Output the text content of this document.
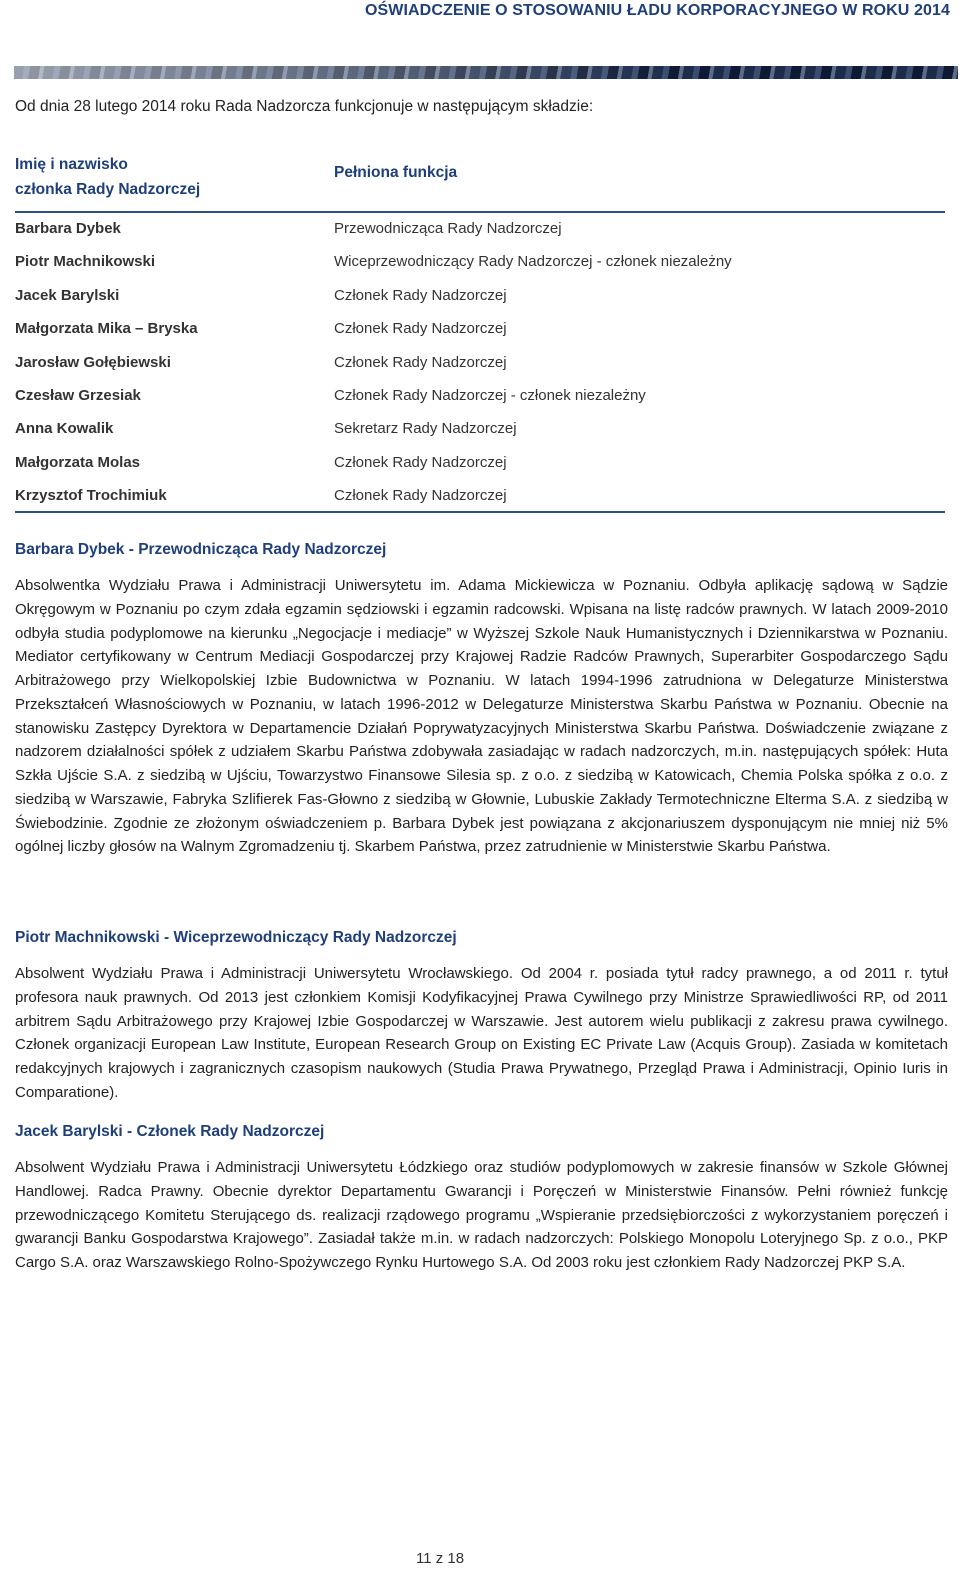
OŚWIADCZENIE O STOSOWANIU ŁADU KORPORACYJNEGO W ROKU 2014
Od dnia 28 lutego 2014 roku Rada Nadzorcza funkcjonuje w następującym składzie:
Imię i nazwisko
członka Rady Nadzorczej
Pełniona funkcja
Barbara Dybek	Przewodnicząca Rady Nadzorczej
Piotr Machnikowski	Wiceprzewodniczący Rady Nadzorczej - członek niezależny
Jacek Barylski	Członek Rady Nadzorczej
Małgorzata Mika – Bryska	Członek Rady Nadzorczej
Jarosław Gołębiewski	Członek Rady Nadzorczej
Czesław Grzesiak	Członek Rady Nadzorczej - członek niezależny
Anna Kowalik	Sekretarz Rady Nadzorczej
Małgorzata Molas	Członek Rady Nadzorczej
Krzysztof Trochimiuk	Członek Rady Nadzorczej
Barbara Dybek - Przewodnicząca Rady Nadzorczej

Absolwentka Wydziału Prawa i Administracji Uniwersytetu im. Adama Mickiewicza w Poznaniu. Odbyła aplikację sądową w Sądzie Okręgowym w Poznaniu po czym zdała egzamin sędziowski i egzamin radcowski. Wpisana na listę radców prawnych. W latach 2009-2010 odbyła studia podyplomowe na kierunku „Negocjacje i mediacje” w Wyższej Szkole Nauk Humanistycznych i Dziennikarstwa w Poznaniu. Mediator certyfikowany w Centrum Mediacji Gospodarczej przy Krajowej Radzie Radców Prawnych, Superarbiter Gospodarczego Sądu Arbitrażowego przy Wielkopolskiej Izbie Budownictwa w Poznaniu. W latach 1994-1996 zatrudniona w Delegaturze Ministerstwa Przekształceń Własnościowych w Poznaniu, w latach 1996-2012 w Delegaturze Ministerstwa Skarbu Państwa w Poznaniu. Obecnie na stanowisku Zastępcy Dyrektora w Departamencie Działań Poprywatyzacyjnych Ministerstwa Skarbu Państwa. Doświadczenie związane z nadzorem działalności spółek z udziałem Skarbu Państwa zdobywała zasiadając w radach nadzorczych, m.in. następujących spółek: Huta Szkła Ujście S.A. z siedzibą w Ujściu, Towarzystwo Finansowe Silesia sp. z o.o. z siedzibą w Katowicach, Chemia Polska spółka z o.o. z siedzibą w Warszawie, Fabryka Szlifierek Fas-Głowno z siedzibą w Głownie, Lubuskie Zakłady Termotechniczne Elterma S.A. z siedzibą w Świebodzinie. Zgodnie ze złożonym oświadczeniem p. Barbara Dybek jest powiązana z akcjonariuszem dysponującym nie mniej niż 5% ogólnej liczby głosów na Walnym Zgromadzeniu tj. Skarbem Państwa, przez zatrudnienie w Ministerstwie Skarbu Państwa.

Piotr Machnikowski - Wiceprzewodniczący Rady Nadzorczej

Absolwent Wydziału Prawa i Administracji Uniwersytetu Wrocławskiego. Od 2004 r. posiada tytuł radcy prawnego, a od 2011 r. tytuł profesora nauk prawnych. Od 2013 jest członkiem Komisji Kodyfikacyjnej Prawa Cywilnego przy Ministrze Sprawiedliwości RP, od 2011 arbitrem Sądu Arbitrażowego przy Krajowej Izbie Gospodarczej w Warszawie. Jest autorem wielu publikacji z zakresu prawa cywilnego. Członek organizacji European Law Institute, European Research Group on Existing EC Private Law (Acquis Group). Zasiada w komitetach redakcyjnych krajowych i zagranicznych czasopism naukowych (Studia Prawa Prywatnego, Przegląd Prawa i Administracji, Opinio Iuris in Comparatione).

Jacek Barylski - Członek Rady Nadzorczej

Absolwent Wydziału Prawa i Administracji Uniwersytetu Łódzkiego oraz studiów podyplomowych w zakresie finansów w Szkole Głównej Handlowej. Radca Prawny. Obecnie dyrektor Departamentu Gwarancji i Poręczeń w Ministerstwie Finansów. Pełni również funkcję przewodniczącego Komitetu Sterującego ds. realizacji rządowego programu „Wspieranie przedsiębiorczości z wykorzystaniem poręczeń i gwarancji Banku Gospodarstwa Krajowego”. Zasiadał także m.in. w radach nadzorczych: Polskiego Monopolu Loteryjnego Sp. z o.o., PKP Cargo S.A. oraz Warszawskiego Rolno-Spożywczego Rynku Hurtowego S.A. Od 2003 roku jest członkiem Rady Nadzorczej PKP S.A.

11 z 18
